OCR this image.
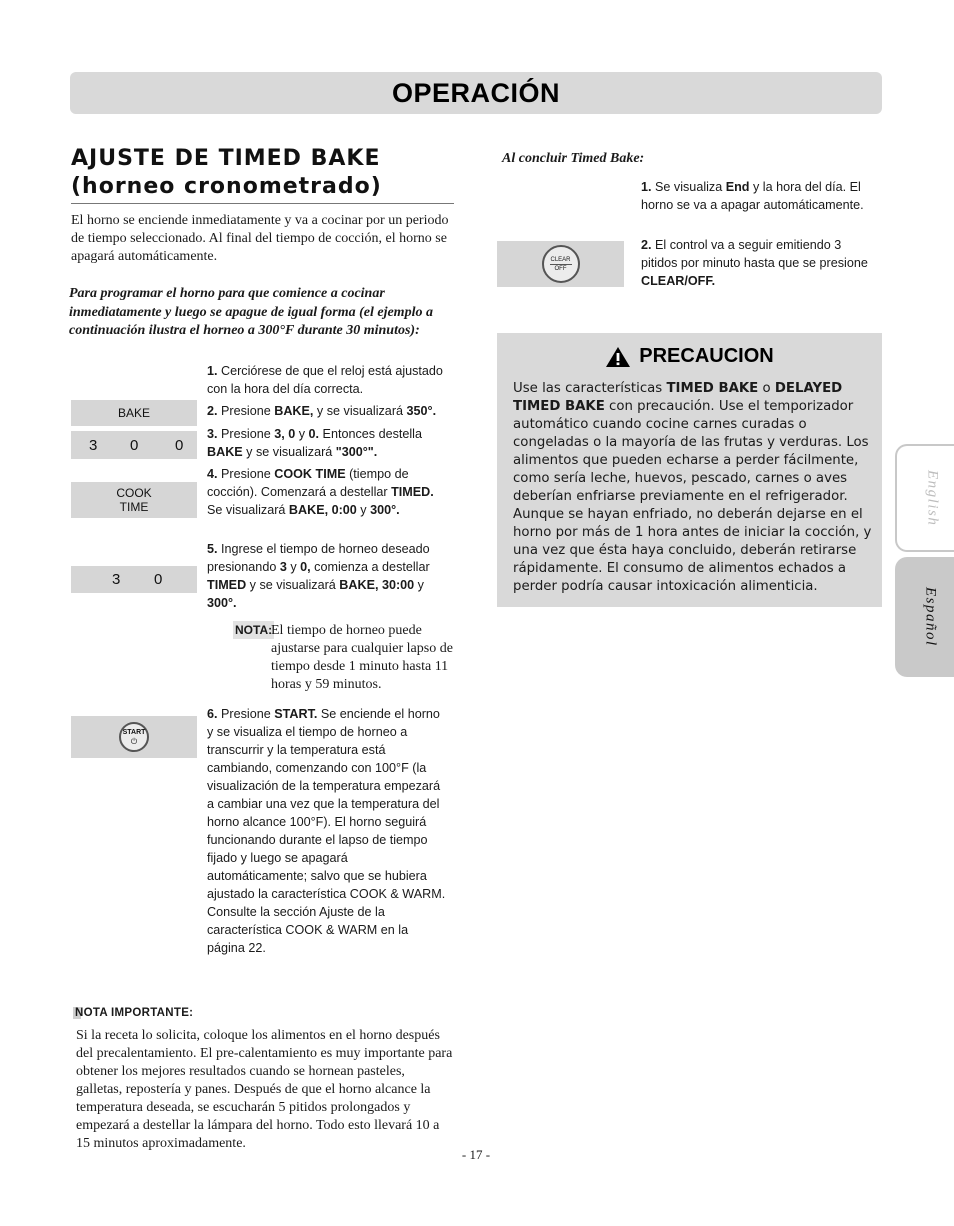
OPERACIÓN
AJUSTE DE TIMED BAKE
(horneo cronometrado)
El horno se enciende inmediatamente y va a cocinar por un periodo de tiempo seleccionado. Al final del tiempo de cocción, el horno se apagará automáticamente.
Para programar el horno para que comience a cocinar inmediatamente y luego se apague de igual forma (el ejemplo a continuación ilustra el horneo a 300°F durante 30 minutos):
BAKE
3 0 0
COOK
TIME
3 0
START
⏻
1. Cerciórese de que el reloj está ajustado con la hora del día correcta.
2. Presione BAKE, y se visualizará 350°.
3. Presione 3, 0 y 0. Entonces destella BAKE y se visualizará "300°".
4. Presione COOK TIME (tiempo de cocción). Comenzará a destellar TIMED. Se visualizará BAKE, 0:00 y 300°.
5. Ingrese el tiempo de horneo deseado presionando 3 y 0, comienza a destellar TIMED y se visualizará BAKE, 30:00 y 300°.
NOTA:
El tiempo de horneo puede ajustarse para cualquier lapso de tiempo desde 1 minuto hasta 11 horas y 59 minutos.
6. Presione START. Se enciende el horno y se visualiza el tiempo de horneo a transcurrir y la temperatura está cambiando, comenzando con 100°F (la visualización de la temperatura empezará a cambiar una vez que la temperatura del horno alcance 100°F). El horno seguirá funcionando durante el lapso de tiempo fijado y luego se apagará automáticamente; salvo que se hubiera ajustado la característica COOK & WARM. Consulte la sección Ajuste de la característica COOK & WARM en la página 22.
NOTA IMPORTANTE:
Si la receta lo solicita, coloque los alimentos en el horno después del precalentamiento. El pre-calentamiento es muy importante para obtener los mejores resultados cuando se hornean pasteles, galletas, repostería y panes. Después de que el horno alcance la temperatura deseada, se escucharán 5 pitidos prolongados y empezará a destellar la lámpara del horno. Todo esto llevará 10 a 15 minutos aproximadamente.
- 17 -
Al concluir Timed Bake:
1. Se visualiza End y la hora del día. El horno se va a apagar automáticamente.
2. El control va a seguir emitiendo 3 pitidos por minuto hasta que se presione CLEAR/OFF.
CLEAR
OFF
PRECAUCION
Use las características TIMED BAKE o DELAYED TIMED BAKE con precaución. Use el temporizador automático cuando cocine carnes curadas o congeladas o la mayoría de las frutas y verduras. Los alimentos que pueden echarse a perder fácilmente, como sería leche, huevos, pescado, carnes o aves deberían enfriarse previamente en el refrigerador. Aunque se hayan enfriado, no deberán dejarse en el horno por más de 1 hora antes de iniciar la cocción, y una vez que ésta haya concluido, deberán retirarse rápidamente. El consumo de alimentos echados a perder podría causar intoxicación alimenticia.
English
Español
